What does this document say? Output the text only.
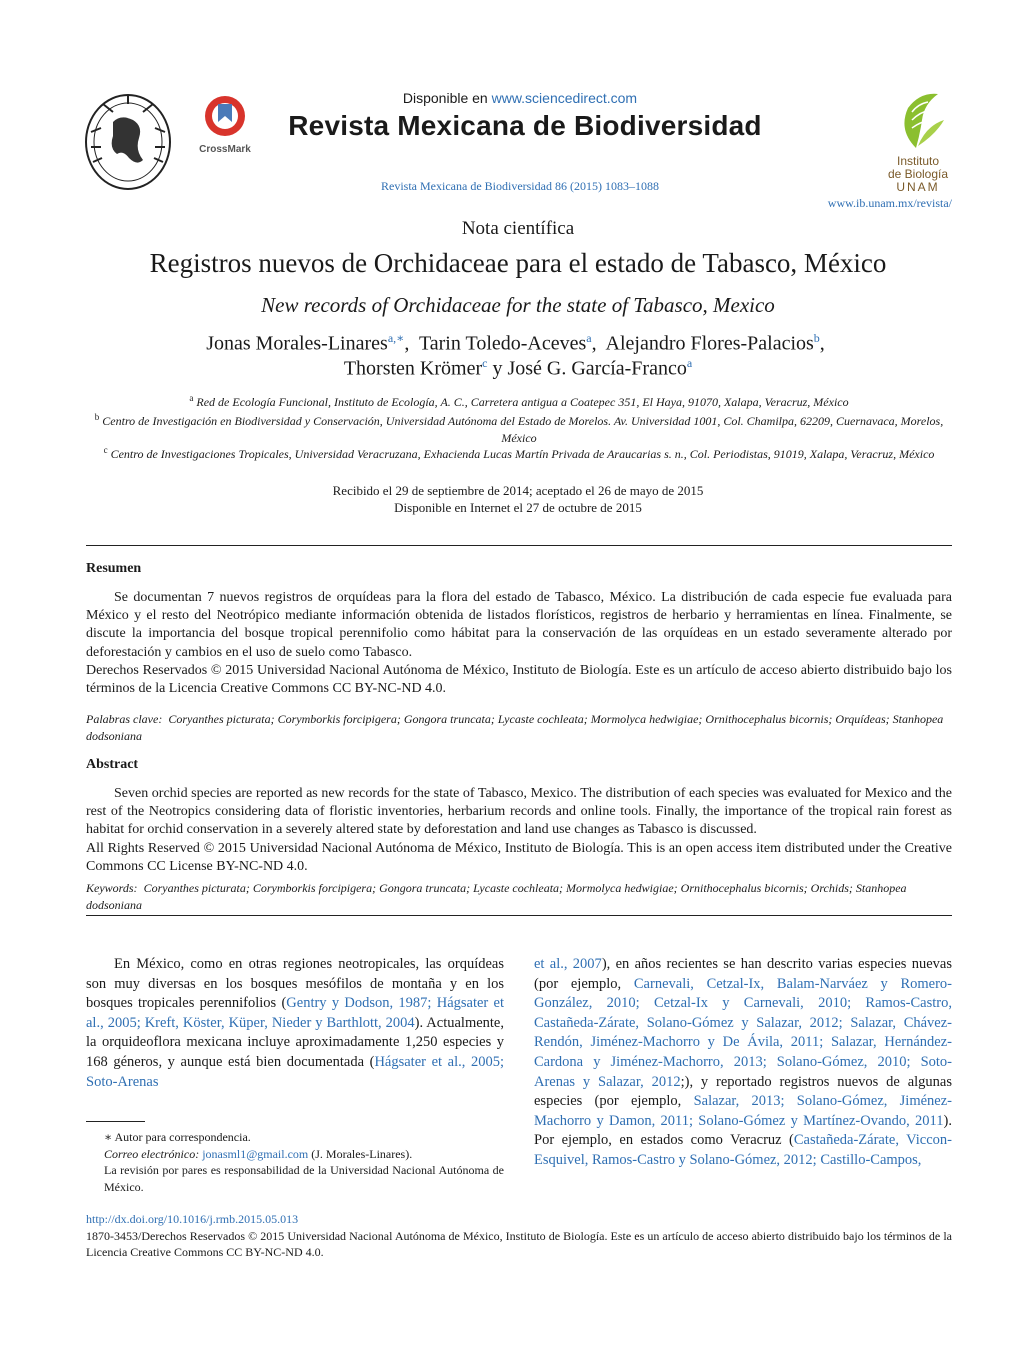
CrossMark
Disponible en www.sciencedirect.com
Revista Mexicana de Biodiversidad
Revista Mexicana de Biodiversidad 86 (2015) 1083–1088
Instituto
de Biología
UNAM
www.ib.unam.mx/revista/
Nota científica
Registros nuevos de Orchidaceae para el estado de Tabasco, México
New records of Orchidaceae for the state of Tabasco, Mexico
Jonas Morales-Linares$^{a,∗}$,  Tarin Toledo-Aceves$^a$,  Alejandro Flores-Palacios$^b$,
Thorsten Krömer$^c$ y José G. García-Franco$^a$
$^a$ Red de Ecología Funcional, Instituto de Ecología, A. C., Carretera antigua a Coatepec 351, El Haya, 91070, Xalapa, Veracruz, México
$^b$ Centro de Investigación en Biodiversidad y Conservación, Universidad Autónoma del Estado de Morelos. Av. Universidad 1001, Col. Chamilpa, 62209, Cuernavaca, Morelos, México
$^c$ Centro de Investigaciones Tropicales, Universidad Veracruzana, Exhacienda Lucas Martín Privada de Araucarias s. n., Col. Periodistas, 91019, Xalapa, Veracruz, México
Recibido el 29 de septiembre de 2014; aceptado el 26 de mayo de 2015
Disponible en Internet el 27 de octubre de 2015
Resumen

Se documentan 7 nuevos registros de orquídeas para la flora del estado de Tabasco, México. La distribución de cada especie fue evaluada para México y el resto del Neotrópico mediante información obtenida de listados florísticos, registros de herbario y herramientas en línea. Finalmente, se discute la importancia del bosque tropical perennifolio como hábitat para la conservación de las orquídeas en un estado severamente alterado por deforestación y cambios en el uso de suelo como Tabasco.

Derechos Reservados © 2015 Universidad Nacional Autónoma de México, Instituto de Biología. Este es un artículo de acceso abierto distribuido bajo los términos de la Licencia Creative Commons CC BY-NC-ND 4.0.

Palabras clave: Coryanthes picturata; Corymborkis forcipigera; Gongora truncata; Lycaste cochleata; Mormolyca hedwigiae; Ornithocephalus bicornis; Orquídeas; Stanhopea dodsoniana
Abstract

Seven orchid species are reported as new records for the state of Tabasco, Mexico. The distribution of each species was evaluated for Mexico and the rest of the Neotropics considering data of floristic inventories, herbarium records and online tools. Finally, the importance of the tropical rain forest as habitat for orchid conservation in a severely altered state by deforestation and land use changes as Tabasco is discussed.

All Rights Reserved © 2015 Universidad Nacional Autónoma de México, Instituto de Biología. This is an open access item distributed under the Creative Commons CC License BY-NC-ND 4.0.

Keywords: Coryanthes picturata; Corymborkis forcipigera; Gongora truncata; Lycaste cochleata; Mormolyca hedwigiae; Ornithocephalus bicornis; Orchids; Stanhopea dodsoniana

En México, como en otras regiones neotropicales, las orquídeas son muy diversas en los bosques mesófilos de montaña y en los bosques tropicales perennifolios (Gentry y Dodson, 1987; Hágsater et al., 2005; Kreft, Köster, Küper, Nieder y Barthlott, 2004). Actualmente, la orquideoflora mexicana incluye aproximadamente 1,250 especies y 168 géneros, y aunque está bien documentada (Hágsater et al., 2005; Soto-Arenas

et al., 2007), en años recientes se han descrito varias especies nuevas (por ejemplo, Carnevali, Cetzal-Ix, Balam-Narváez y Romero-González, 2010; Cetzal-Ix y Carnevali, 2010; Ramos-Castro, Castañeda-Zárate, Solano-Gómez y Salazar, 2012; Salazar, Chávez-Rendón, Jiménez-Machorro y De Ávila, 2011; Salazar, Hernández-Cardona y Jiménez-Machorro, 2013; Solano-Gómez, 2010; Soto-Arenas y Salazar, 2012;), y reportado registros nuevos de algunas especies (por ejemplo, Salazar, 2013; Solano-Gómez, Jiménez-Machorro y Damon, 2011; Solano-Gómez y Martínez-Ovando, 2011). Por ejemplo, en estados como Veracruz (Castañeda-Zárate, Viccon-Esquivel, Ramos-Castro y Solano-Gómez, 2012; Castillo-Campos,

∗ Autor para correspondencia.

Correo electrónico: jonasml1@gmail.com (J. Morales-Linares).

La revisión por pares es responsabilidad de la Universidad Nacional Autónoma de México.

http://dx.doi.org/10.1016/j.rmb.2015.05.013
1870-3453/Derechos Reservados © 2015 Universidad Nacional Autónoma de México, Instituto de Biología. Este es un artículo de acceso abierto distribuido bajo los términos de la Licencia Creative Commons CC BY-NC-ND 4.0.
